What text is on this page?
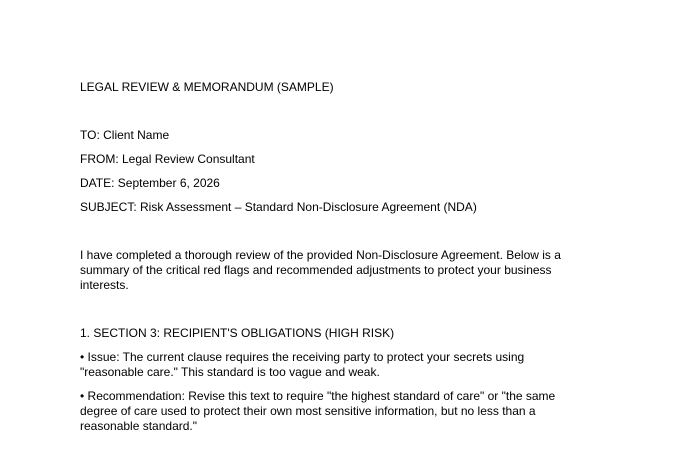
LEGAL REVIEW & MEMORANDUM (SAMPLE)

TO: Client Name

FROM: Legal Review Consultant

DATE: September 6, 2026

SUBJECT: Risk Assessment – Standard Non-Disclosure Agreement (NDA)

I have completed a thorough review of the provided Non-Disclosure Agreement. Below is a summary of the critical red flags and recommended adjustments to protect your business interests.

1. SECTION 3: RECIPIENT'S OBLIGATIONS (HIGH RISK)

• Issue: The current clause requires the receiving party to protect your secrets using "reasonable care." This standard is too vague and weak.

• Recommendation: Revise this text to require "the highest standard of care" or "the same degree of care used to protect their own most sensitive information, but no less than a reasonable standard."
